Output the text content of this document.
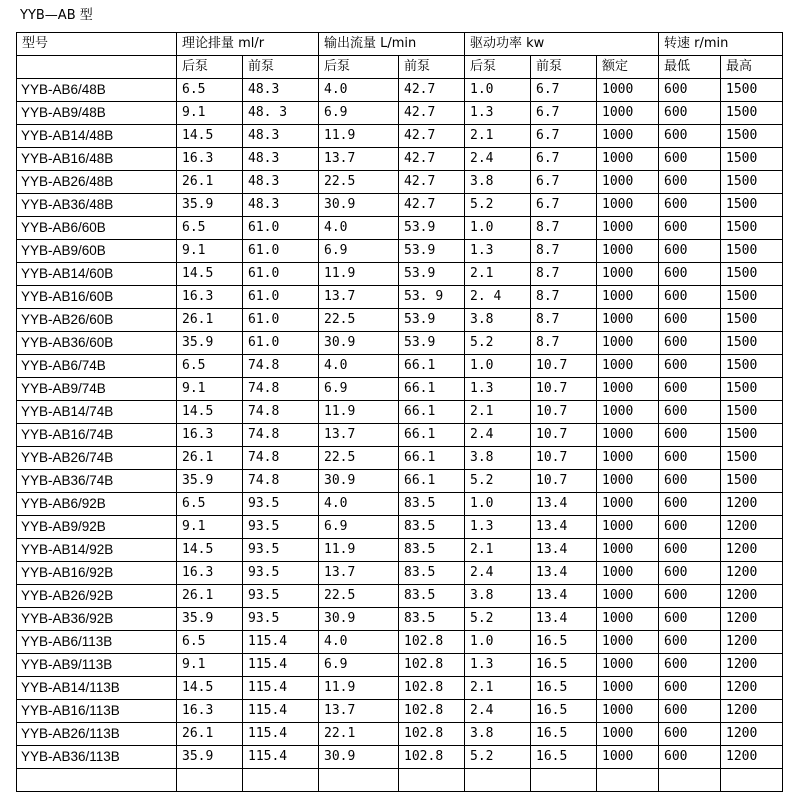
YYB—AB 型
型号	理论排量 ml/r		输出流量 L/min		驱动功率 kw			转速 r/min	
	后泵	前泵	后泵	前泵	后泵	前泵	额定	最低	最高
YYB-AB6/48B	6.5	48.3	4.0	42.7	1.0	6.7	1000	600	1500
YYB-AB9/48B	9.1	48. 3	6.9	42.7	1.3	6.7	1000	600	1500
YYB-AB14/48B	14.5	48.3	11.9	42.7	2.1	6.7	1000	600	1500
YYB-AB16/48B	16.3	48.3	13.7	42.7	2.4	6.7	1000	600	1500
YYB-AB26/48B	26.1	48.3	22.5	42.7	3.8	6.7	1000	600	1500
YYB-AB36/48B	35.9	48.3	30.9	42.7	5.2	6.7	1000	600	1500
YYB-AB6/60B	6.5	61.0	4.0	53.9	1.0	8.7	1000	600	1500
YYB-AB9/60B	9.1	61.0	6.9	53.9	1.3	8.7	1000	600	1500
YYB-AB14/60B	14.5	61.0	11.9	53.9	2.1	8.7	1000	600	1500
YYB-AB16/60B	16.3	61.0	13.7	53. 9	2. 4	8.7	1000	600	1500
YYB-AB26/60B	26.1	61.0	22.5	53.9	3.8	8.7	1000	600	1500
YYB-AB36/60B	35.9	61.0	30.9	53.9	5.2	8.7	1000	600	1500
YYB-AB6/74B	6.5	74.8	4.0	66.1	1.0	10.7	1000	600	1500
YYB-AB9/74B	9.1	74.8	6.9	66.1	1.3	10.7	1000	600	1500
YYB-AB14/74B	14.5	74.8	11.9	66.1	2.1	10.7	1000	600	1500
YYB-AB16/74B	16.3	74.8	13.7	66.1	2.4	10.7	1000	600	1500
YYB-AB26/74B	26.1	74.8	22.5	66.1	3.8	10.7	1000	600	1500
YYB-AB36/74B	35.9	74.8	30.9	66.1	5.2	10.7	1000	600	1500
YYB-AB6/92B	6.5	93.5	4.0	83.5	1.0	13.4	1000	600	1200
YYB-AB9/92B	9.1	93.5	6.9	83.5	1.3	13.4	1000	600	1200
YYB-AB14/92B	14.5	93.5	11.9	83.5	2.1	13.4	1000	600	1200
YYB-AB16/92B	16.3	93.5	13.7	83.5	2.4	13.4	1000	600	1200
YYB-AB26/92B	26.1	93.5	22.5	83.5	3.8	13.4	1000	600	1200
YYB-AB36/92B	35.9	93.5	30.9	83.5	5.2	13.4	1000	600	1200
YYB-AB6/113B	6.5	115.4	4.0	102.8	1.0	16.5	1000	600	1200
YYB-AB9/113B	9.1	115.4	6.9	102.8	1.3	16.5	1000	600	1200
YYB-AB14/113B	14.5	115.4	11.9	102.8	2.1	16.5	1000	600	1200
YYB-AB16/113B	16.3	115.4	13.7	102.8	2.4	16.5	1000	600	1200
YYB-AB26/113B	26.1	115.4	22.1	102.8	3.8	16.5	1000	600	1200
YYB-AB36/113B	35.9	115.4	30.9	102.8	5.2	16.5	1000	600	1200
